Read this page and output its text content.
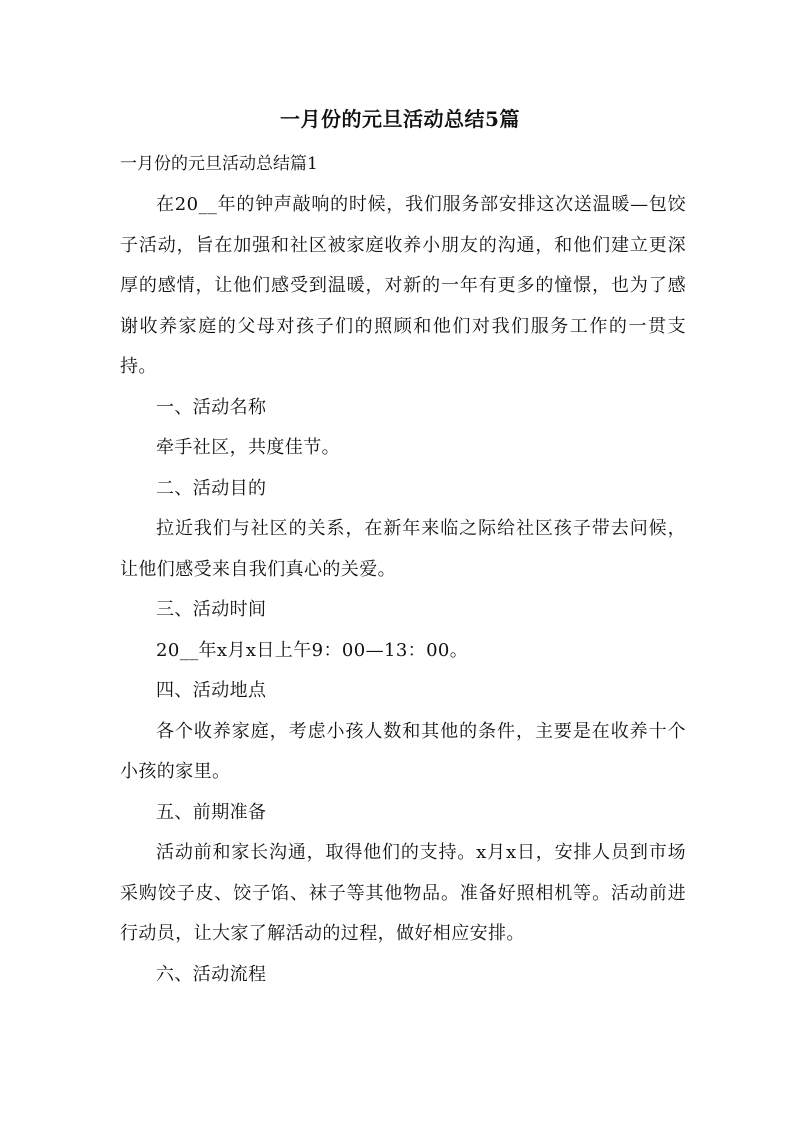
一月份的元旦活动总结5篇
一月份的元旦活动总结篇1

在20__年的钟声敲响的时候，我们服务部安排这次送温暖—包饺子活动，旨在加强和社区被家庭收养小朋友的沟通，和他们建立更深厚的感情，让他们感受到温暖，对新的一年有更多的憧憬，也为了感谢收养家庭的父母对孩子们的照顾和他们对我们服务工作的一贯支持。

一、活动名称

牵手社区，共度佳节。

二、活动目的

拉近我们与社区的关系，在新年来临之际给社区孩子带去问候，让他们感受来自我们真心的关爱。

三、活动时间

20__年x月x日上午9：00—13：00。

四、活动地点

各个收养家庭，考虑小孩人数和其他的条件，主要是在收养十个小孩的家里。

五、前期准备

活动前和家长沟通，取得他们的支持。x月x日，安排人员到市场采购饺子皮、饺子馅、袜子等其他物品。准备好照相机等。活动前进行动员，让大家了解活动的过程，做好相应安排。

六、活动流程
